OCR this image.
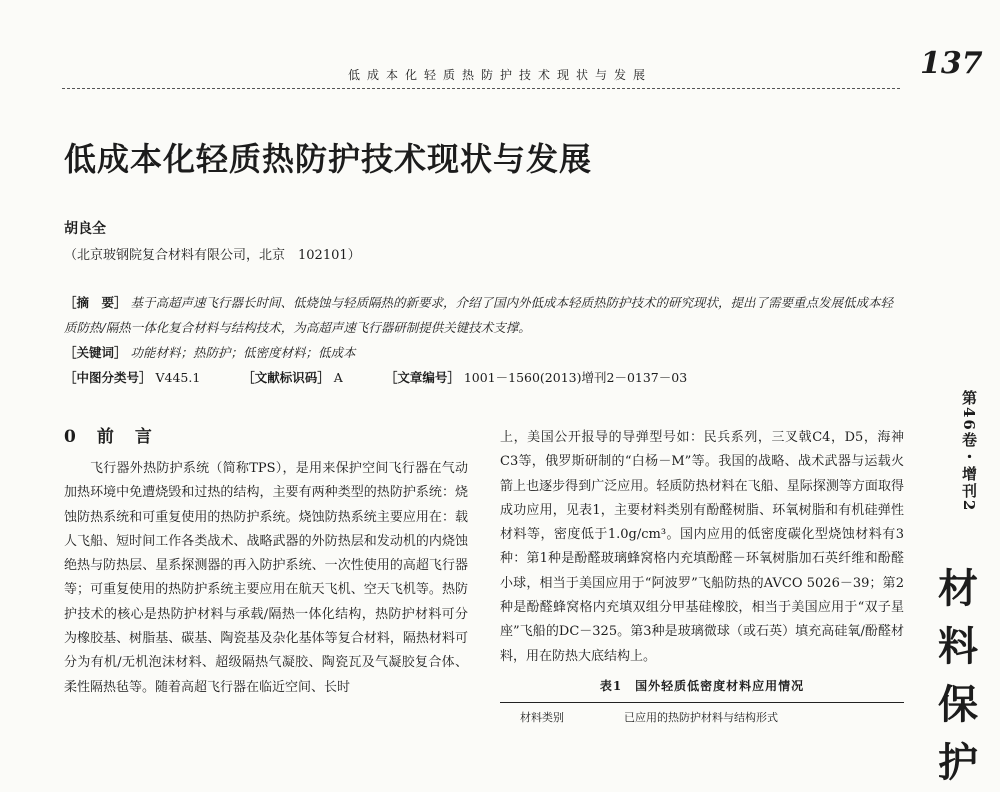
低成本化轻质热防护技术现状与发展	137
低成本化轻质热防护技术现状与发展
胡良全
（北京玻钢院复合材料有限公司，北京　102101）
［摘　要］ 基于高超声速飞行器长时间、低烧蚀与轻质隔热的新要求，介绍了国内外低成本轻质热防护技术的研究现状，提出了需要重点发展低成本轻质防热/隔热一体化复合材料与结构技术，为高超声速飞行器研制提供关键技术支撑。
［关键词］ 功能材料；热防护；低密度材料；低成本
［中图分类号］ V445.1	［文献标识码］ A	［文章编号］ 1001－1560(2013)增刊2－0137－03
0　前　言

飞行器外热防护系统（简称TPS），是用来保护空间飞行器在气动加热环境中免遭烧毁和过热的结构，主要有两种类型的热防护系统：烧蚀防热系统和可重复使用的热防护系统。烧蚀防热系统主要应用在：载人飞船、短时间工作各类战术、战略武器的外防热层和发动机的内烧蚀绝热与防热层、星系探测器的再入防护系统、一次性使用的高超飞行器等；可重复使用的热防护系统主要应用在航天飞机、空天飞机等。热防护技术的核心是热防护材料与承载/隔热一体化结构，热防护材料可分为橡胶基、树脂基、碳基、陶瓷基及杂化基体等复合材料，隔热材料可分为有机/无机泡沫材料、超级隔热气凝胶、陶瓷瓦及气凝胶复合体、柔性隔热毡等。随着高超飞行器在临近空间、长时

上，美国公开报导的导弹型号如：民兵系列，三叉戟C4，D5，海神C3等，俄罗斯研制的“白杨－M”等。我国的战略、战术武器与运载火箭上也逐步得到广泛应用。轻质防热材料在飞船、星际探测等方面取得成功应用，见表1，主要材料类别有酚醛树脂、环氧树脂和有机硅弹性材料等，密度低于1.0g/cm³。国内应用的低密度碳化型烧蚀材料有3种：第1种是酚醛玻璃蜂窝格内充填酚醛－环氧树脂加石英纤维和酚醛小球，相当于美国应用于“阿波罗”飞船防热的AVCO 5026－39；第2种是酚醛蜂窝格内充填双组分甲基硅橡胶，相当于美国应用于“双子星座”飞船的DC－325。第3种是玻璃微球（或石英）填充高硅氧/酚醛材料，用在防热大底结构上。

表1　国外轻质低密度材料应用情况
材料类别	已应用的热防护材料与结构形式
第46卷・增刊2
材料保护
